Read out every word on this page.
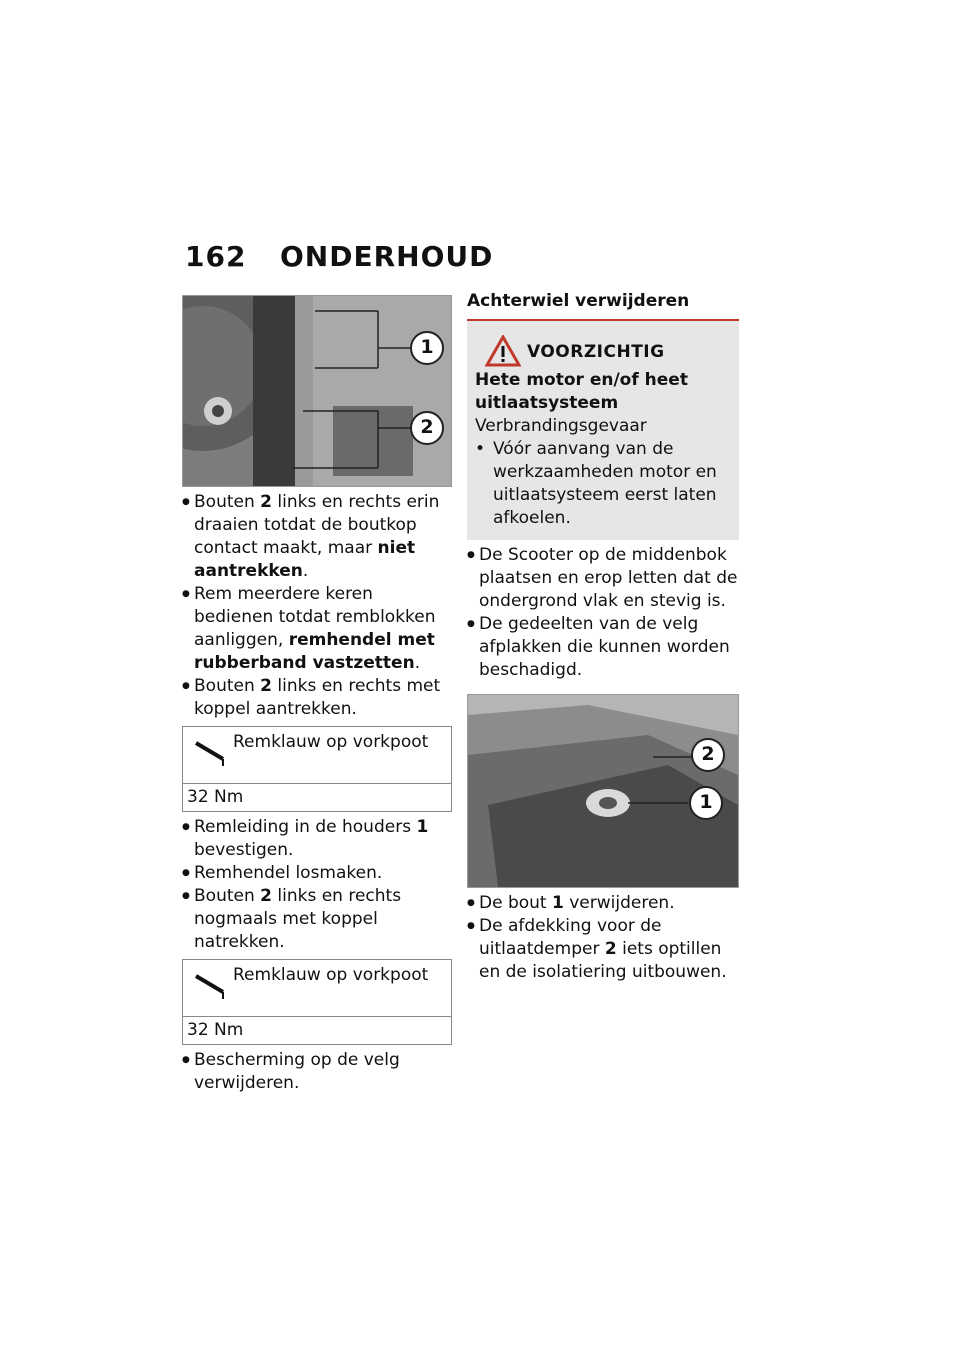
162 ONDERHOUD
1
2
● Bouten 2 links en rechts erin draaien totdat de boutkop contact maakt, maar niet aantrekken.
● Rem meerdere keren bedienen totdat remblokken aanliggen, remhendel met rubberband vastzetten.
● Bouten 2 links en rechts met koppel aantrekken.
Remklauw op vorkpoot
32 Nm
● Remleiding in de houders 1 bevestigen.
● Remhendel losmaken.
● Bouten 2 links en rechts nogmaals met koppel natrekken.
Remklauw op vorkpoot
32 Nm
● Bescherming op de velg verwijderen.
Achterwiel verwijderen
VOORZICHTIG
Hete motor en/of heet uitlaatsysteem
Verbrandingsgevaar
• Vóór aanvang van de werkzaamheden motor en uitlaatsysteem eerst laten afkoelen.
● De Scooter op de middenbok plaatsen en erop letten dat de ondergrond vlak en stevig is.
● De gedeelten van de velg afplakken die kunnen worden beschadigd.
2
1
● De bout 1 verwijderen.
● De afdekking voor de uitlaatdemper 2 iets optillen en de isolatiering uitbouwen.
